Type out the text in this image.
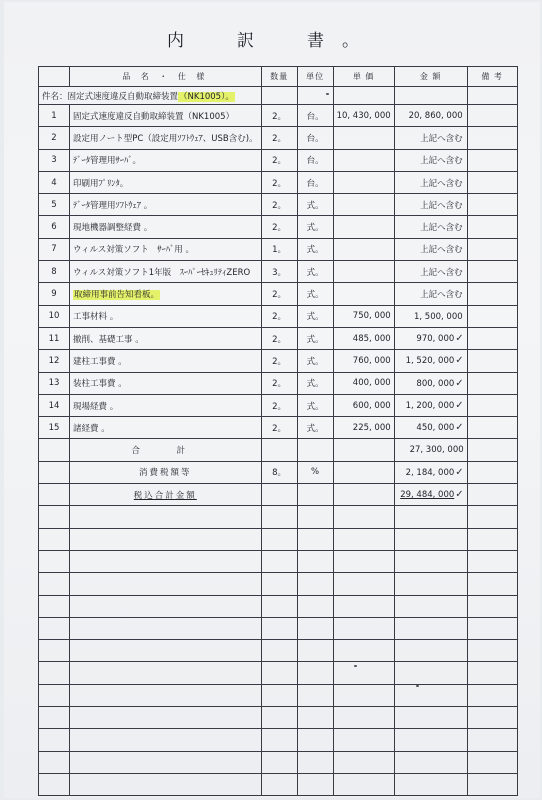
内　訳　書。
	品 名 ・ 仕 様	数量	単位	単 価	金 額	備 考
件名：固定式速度違反自動取締装置（NK1005）。						
1	固定式速度違反自動取締装置（NK1005）	2。	台。	10, 430, 000	20, 860, 000	
2	設定用ノート型PC（設定用ｿﾌﾄｳｪｱ、USB含む)。	2。	台。		上記へ含む	
3	ﾃﾞｰﾀ管理用ｻｰﾊﾞ。	2。	台。		上記へ含む	
4	印刷用ﾌﾟﾘﾝﾀ。	2。	台。		上記へ含む	
5	ﾃﾞｰﾀ管理用ｿﾌﾄｳｪｱ 。	2。	式。		上記へ含む	
6	現地機器調整経費 。	2。	式。		上記へ含む	
7	ウィルス対策ソフト　ｻｰﾊﾞ用 。	1。	式。		上記へ含む	
8	ウィルス対策ソフト1年版　ｽｰﾊﾟｰｾｷｭﾘﾃｨZERO	3。	式。		上記へ含む	
9	取締用事前告知看板。	2。	式。		上記へ含む	
10	工事材料 。	2。	式。	750, 000	1, 500, 000	
11	撤削、基礎工事 。	2。	式。	485, 000	970, 000✓	
12	建柱工事費 。	2。	式。	760, 000	1, 520, 000✓	
13	装柱工事費 。	2。	式。	400, 000	800, 000✓	
14	現場経費 。	2。	式。	600, 000	1, 200, 000✓	
15	諸経費 。	2。	式。	225, 000	450, 000✓	
	合　計				27, 300, 000	
	消費税額等	8。	%		2, 184, 000✓	
	税込合計金額				29, 484, 000✓	
